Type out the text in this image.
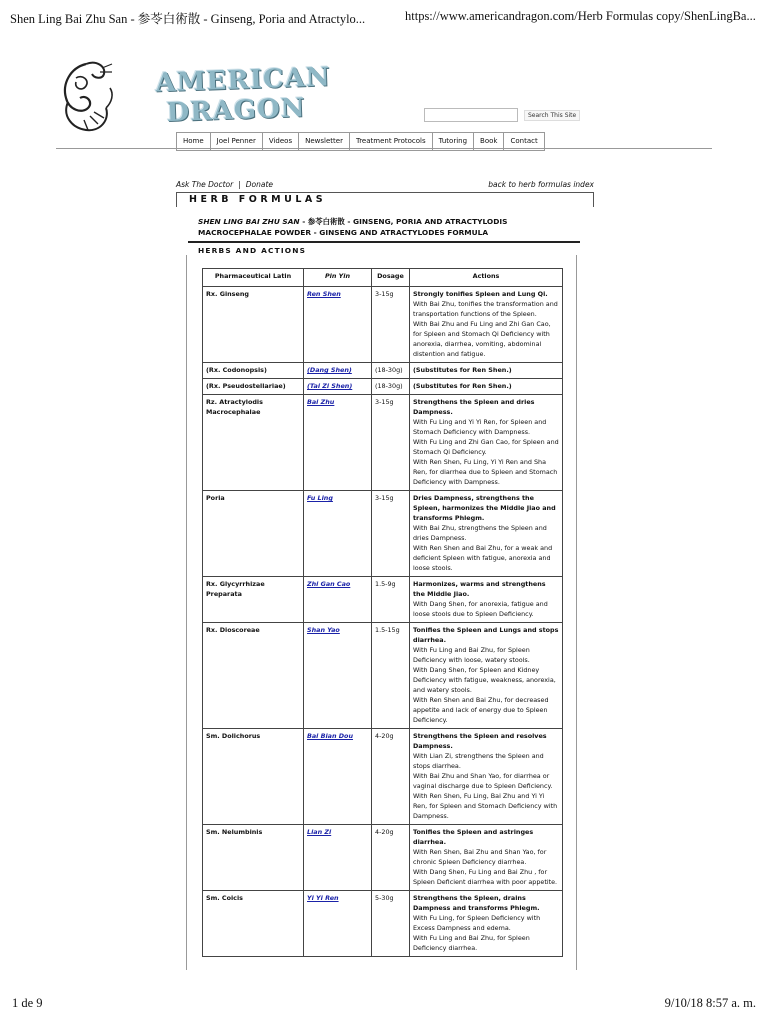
Shen Ling Bai Zhu San - 参苓白術散 - Ginseng, Poria and Atractylo...	https://www.americandragon.com/Herb Formulas copy/ShenLingBa...
AMERICAN
DRAGON	Search This Site
Home	Joel Penner	Videos	Newsletter	Treatment Protocols	Tutoring	Book	Contact
Ask The Doctor | Donate	back to herb formulas index
HERB FORMULAS
SHEN LING BAI ZHU SAN - 参苓白術散 - GINSENG, PORIA AND ATRACTYLODIS MACROCEPHALAE POWDER - GINSENG AND ATRACTYLODES FORMULA
HERBS AND ACTIONS
Pharmaceutical Latin	Pin Yin	Dosage	Actions
Rx. Ginseng	Ren Shen	3-15g	Strongly tonifies Spleen and Lung Qi.
With Bai Zhu, tonifies the transformation and transportation functions of the Spleen.
With Bai Zhu and Fu Ling and Zhi Gan Cao, for Spleen and Stomach Qi Deficiency with anorexia, diarrhea, vomiting, abdominal distention and fatigue.

(Rx. Codonopsis)	(Dang Shen)	(18-30g)	(Substitutes for Ren Shen.)

(Rx. Pseudostellariae)	(Tai Zi Shen)	(18-30g)	(Substitutes for Ren Shen.)

Rz. Atractylodis Macrocephalae	Bai Zhu	3-15g	Strengthens the Spleen and dries Dampness.
With Fu Ling and Yi Yi Ren, for Spleen and Stomach Deficiency with Dampness.
With Fu Ling and Zhi Gan Cao, for Spleen and Stomach Qi Deficiency.
With Ren Shen, Fu Ling, Yi Yi Ren and Sha Ren, for diarrhea due to Spleen and Stomach Deficiency with Dampness.

Poria	Fu Ling	3-15g	Dries Dampness, strengthens the Spleen, harmonizes the Middle Jiao and transforms Phlegm.
With Bai Zhu, strengthens the Spleen and dries Dampness.
With Ren Shen and Bai Zhu, for a weak and deficient Spleen with fatigue, anorexia and loose stools.

Rx. Glycyrrhizae Preparata	Zhi Gan Cao	1.5-9g	Harmonizes, warms and strengthens the Middle Jiao.
With Dang Shen, for anorexia, fatigue and loose stools due to Spleen Deficiency.

Rx. Dioscoreae	Shan Yao	1.5-15g	Tonifies the Spleen and Lungs and stops diarrhea.
With Fu Ling and Bai Zhu, for Spleen Deficiency with loose, watery stools.
With Dang Shen, for Spleen and Kidney Deficiency with fatigue, weakness, anorexia, and watery stools.
With Ren Shen and Bai Zhu, for decreased appetite and lack of energy due to Spleen Deficiency.

Sm. Dolichorus	Bai Bian Dou	4-20g	Strengthens the Spleen and resolves Dampness.
With Lian Zi, strengthens the Spleen and stops diarrhea.
With Bai Zhu and Shan Yao, for diarrhea or vaginal discharge due to Spleen Deficiency.
With Ren Shen, Fu Ling, Bai Zhu and Yi Yi Ren, for Spleen and Stomach Deficiency with Dampness.

Sm. Nelumbinis	Lian Zi	4-20g	Tonifies the Spleen and astringes diarrhea.
With Ren Shen, Bai Zhu and Shan Yao, for chronic Spleen Deficiency diarrhea.
With Dang Shen, Fu Ling and Bai Zhu , for Spleen Deficient diarrhea with poor appetite.

Sm. Coicis	Yi Yi Ren	5-30g	Strengthens the Spleen, drains Dampness and transforms Phlegm.
With Fu Ling, for Spleen Deficiency with Excess Dampness and edema.
With Fu Ling and Bai Zhu, for Spleen Deficiency diarrhea.
1 de 9	9/10/18 8:57 a. m.
